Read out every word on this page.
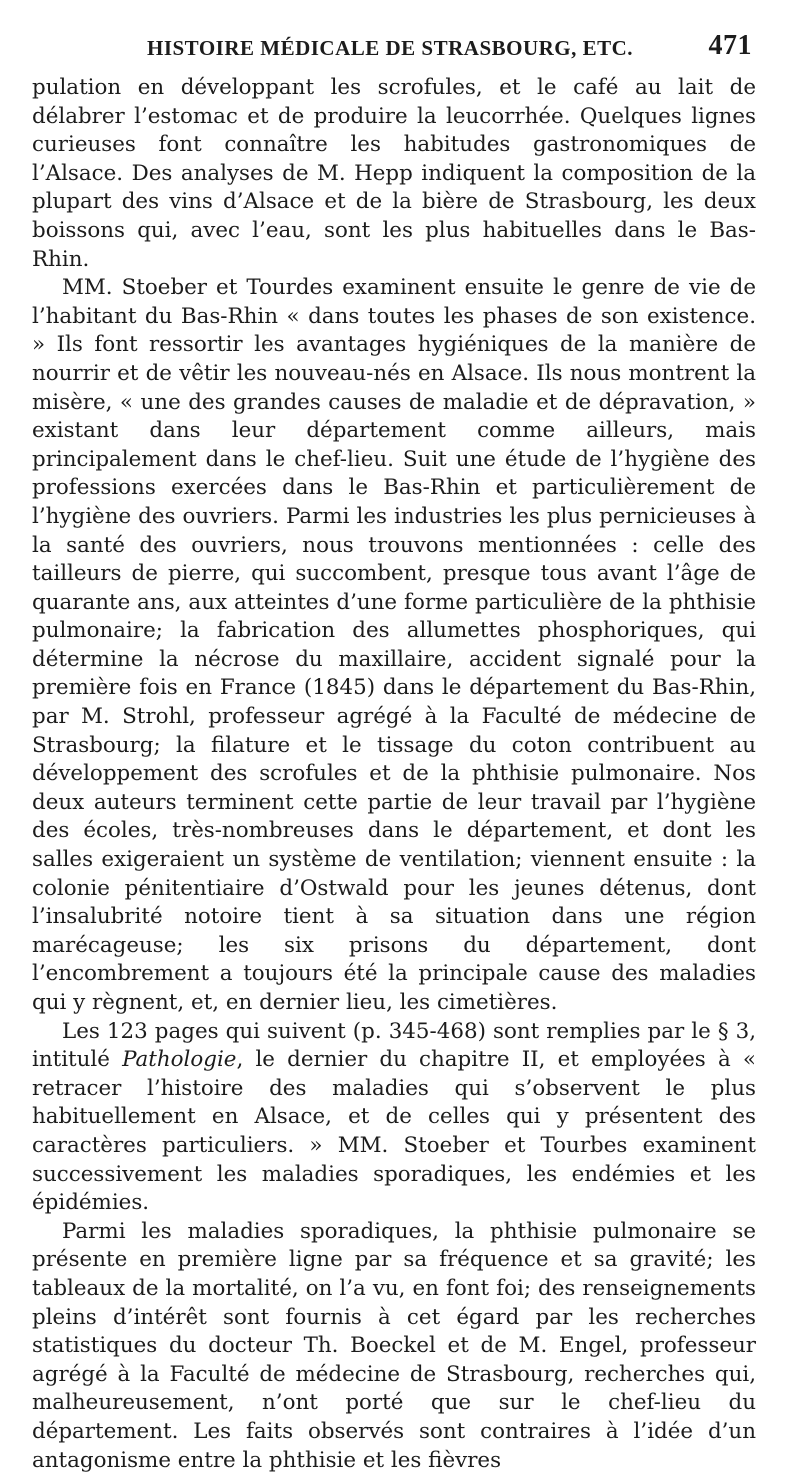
HISTOIRE MÉDICALE DE STRASBOURG, ETC.	471

pulation en développant les scrofules, et le café au lait de délabrer l’estomac et de produire la leucorrhée. Quelques lignes curieuses font connaître les habitudes gastronomiques de l’Alsace. Des analyses de M. Hepp indiquent la composition de la plupart des vins d’Alsace et de la bière de Strasbourg, les deux boissons qui, avec l’eau, sont les plus habituelles dans le Bas-Rhin.

MM. Stoeber et Tourdes examinent ensuite le genre de vie de l’habitant du Bas-Rhin « dans toutes les phases de son existence. » Ils font ressortir les avantages hygiéniques de la manière de nourrir et de vêtir les nouveau-nés en Alsace. Ils nous montrent la misère, « une des grandes causes de maladie et de dépravation, » existant dans leur département comme ailleurs, mais principalement dans le chef-lieu. Suit une étude de l’hygiène des professions exercées dans le Bas-Rhin et particulièrement de l’hygiène des ouvriers. Parmi les industries les plus pernicieuses à la santé des ouvriers, nous trouvons mentionnées : celle des tailleurs de pierre, qui succombent, presque tous avant l’âge de quarante ans, aux atteintes d’une forme particulière de la phthisie pulmonaire; la fabrication des allumettes phosphoriques, qui détermine la nécrose du maxillaire, accident signalé pour la première fois en France (1845) dans le département du Bas-Rhin, par M. Strohl, professeur agrégé à la Faculté de médecine de Strasbourg; la filature et le tissage du coton contribuent au développement des scrofules et de la phthisie pulmonaire. Nos deux auteurs terminent cette partie de leur travail par l’hygiène des écoles, très-nombreuses dans le département, et dont les salles exigeraient un système de ventilation; viennent ensuite : la colonie pénitentiaire d’Ostwald pour les jeunes détenus, dont l’insalubrité notoire tient à sa situation dans une région marécageuse; les six prisons du département, dont l’encombrement a toujours été la principale cause des maladies qui y règnent, et, en dernier lieu, les cimetières.

Les 123 pages qui suivent (p. 345-468) sont remplies par le § 3, intitulé Pathologie, le dernier du chapitre II, et employées à « retracer l’histoire des maladies qui s’observent le plus habituellement en Alsace, et de celles qui y présentent des caractères particuliers. » MM. Stoeber et Tourbes examinent successivement les maladies sporadiques, les endémies et les épidémies.

Parmi les maladies sporadiques, la phthisie pulmonaire se présente en première ligne par sa fréquence et sa gravité; les tableaux de la mortalité, on l’a vu, en font foi; des renseignements pleins d’intérêt sont fournis à cet égard par les recherches statistiques du docteur Th. Boeckel et de M. Engel, professeur agrégé à la Faculté de médecine de Strasbourg, recherches qui, malheureusement, n’ont porté que sur le chef-lieu du département. Les faits observés sont contraires à l’idée d’un antagonisme entre la phthisie et les fièvres
